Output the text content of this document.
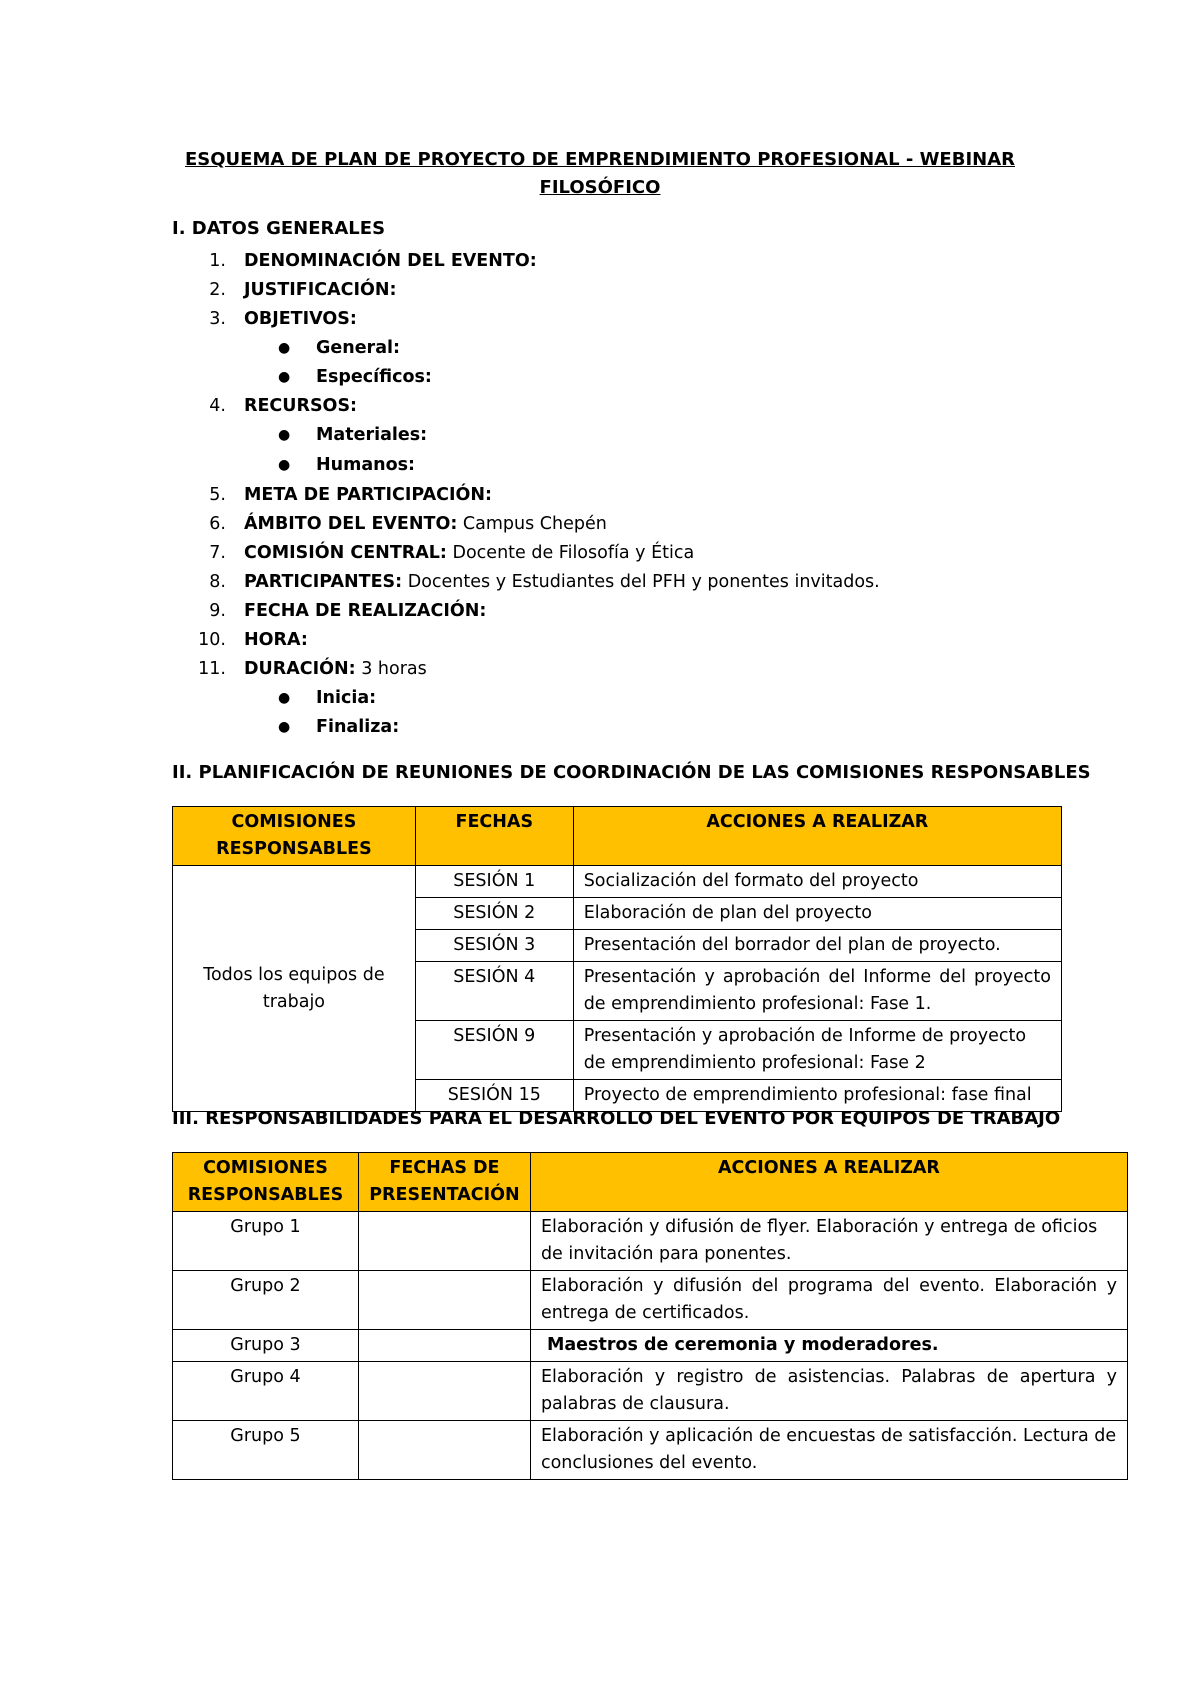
ESQUEMA DE PLAN DE PROYECTO DE EMPRENDIMIENTO PROFESIONAL - WEBINAR FILOSÓFICO
I. DATOS GENERALES
1. DENOMINACIÓN DEL EVENTO:
2. JUSTIFICACIÓN:
3. OBJETIVOS:
● General:
● Específicos:
4. RECURSOS:
● Materiales:
● Humanos:
5. META DE PARTICIPACIÓN:
6. ÁMBITO DEL EVENTO: Campus Chepén
7. COMISIÓN CENTRAL: Docente de Filosofía y Ética
8. PARTICIPANTES: Docentes y Estudiantes del PFH y ponentes invitados.
9. FECHA DE REALIZACIÓN:
10. HORA:
11. DURACIÓN: 3 horas
● Inicia:
● Finaliza:
II. PLANIFICACIÓN DE REUNIONES DE COORDINACIÓN DE LAS COMISIONES RESPONSABLES
COMISIONES RESPONSABLES	FECHAS	ACCIONES A REALIZAR
Todos los equipos de trabajo	SESIÓN 1	Socialización del formato del proyecto
	SESIÓN 2	Elaboración de plan del proyecto
	SESIÓN 3	Presentación del borrador del plan de proyecto.
	SESIÓN 4	Presentación y aprobación del Informe del proyecto de emprendimiento profesional: Fase 1.
	SESIÓN 9	Presentación y aprobación de Informe de proyecto de emprendimiento profesional: Fase 2
	SESIÓN 15	Proyecto de emprendimiento profesional: fase final
III. RESPONSABILIDADES PARA EL DESARROLLO DEL EVENTO POR EQUIPOS DE TRABAJO
COMISIONES RESPONSABLES	FECHAS DE PRESENTACIÓN	ACCIONES A REALIZAR
Grupo 1		Elaboración y difusión de flyer. Elaboración y entrega de oficios de invitación para ponentes.
Grupo 2		Elaboración y difusión del programa del evento. Elaboración y entrega de certificados.
Grupo 3		Maestros de ceremonia y moderadores.
Grupo 4		Elaboración y registro de asistencias. Palabras de apertura y palabras de clausura.
Grupo 5		Elaboración y aplicación de encuestas de satisfacción. Lectura de conclusiones del evento.
